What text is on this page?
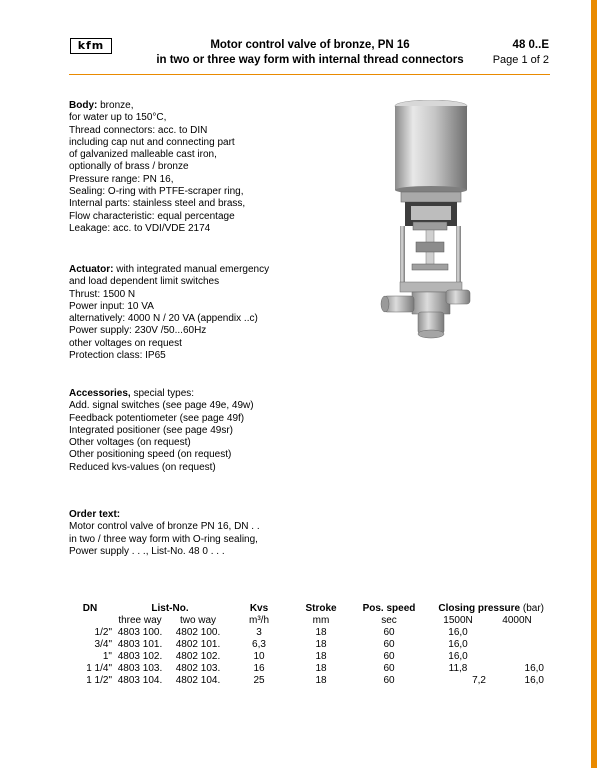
kfm	Motor control valve of bronze, PN 16
in two or three way form with internal thread connectors
48 0..E
Page 1 of 2
Body: bronze,
for water up to 150°C,
Thread connectors: acc. to DIN
including cap nut and connecting part
of galvanized malleable cast iron,
optionally of brass / bronze
Pressure range: PN 16,
Sealing: O-ring with PTFE-scraper ring,
Internal parts: stainless steel and brass,
Flow characteristic: equal percentage
Leakage: acc. to VDI/VDE 2174
Actuator: with integrated manual emergency
and load dependent limit switches
Thrust: 1500 N
Power input: 10 VA
alternatively: 4000 N / 20 VA (appendix ..c)
Power supply: 230V /50...60Hz
other voltages on request
Protection class: IP65
Accessories, special types:
Add. signal switches (see page 49e, 49w)
Feedback potentiometer (see page 49f)
Integrated positioner (see page 49sr)
Other voltages (on request)
Other positioning speed (on request)
Reduced kvs-values (on request)
Order text:
Motor control valve of bronze PN 16, DN . .
in two / three way form with O-ring sealing,
Power supply . . ., List-No. 48 0 . . .
DN	List-No.		Kvs	Stroke	Pos. speed	Closing pressure (bar)	
	three way	two way	m³/h	mm	sec	1500N	4000N
1/2"	4803 100.	4802 100.	3	18	60	16,0	
3/4"	4803 101.	4802 101.	6,3	18	60	16,0	
1"	4803 102.	4802 102.	10	18	60	16,0	
1 1/4"	4803 103.	4802 103.	16	18	60	11,8	16,0
1 1/2"	4803 104.	4802 104.	25	18	60	7,2	16,0
